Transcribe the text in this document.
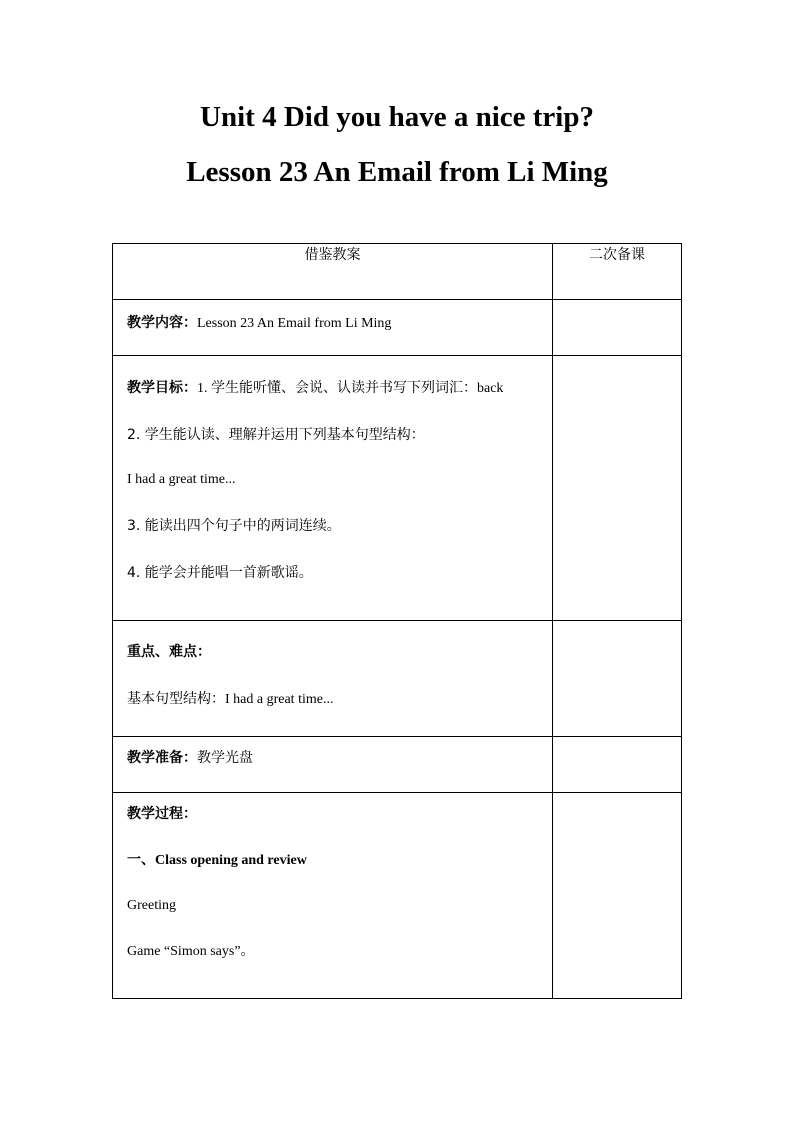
Unit 4 Did you have a nice trip?
Lesson 23 An Email from Li Ming
借鉴教案	二次备课

教学内容：Lesson 23 An Email from Li Ming	

教学目标：1. 学生能听懂、会说、认读并书写下列词汇：back
2. 学生能认读、理解并运用下列基本句型结构：
I had a great time...
3. 能读出四个句子中的两词连续。
4. 能学会并能唱一首新歌谣。	

重点、难点：
基本句型结构：I had a great time...	

教学准备：教学光盘	

教学过程：
一、Class opening and review
Greeting
Game “Simon says”。	
